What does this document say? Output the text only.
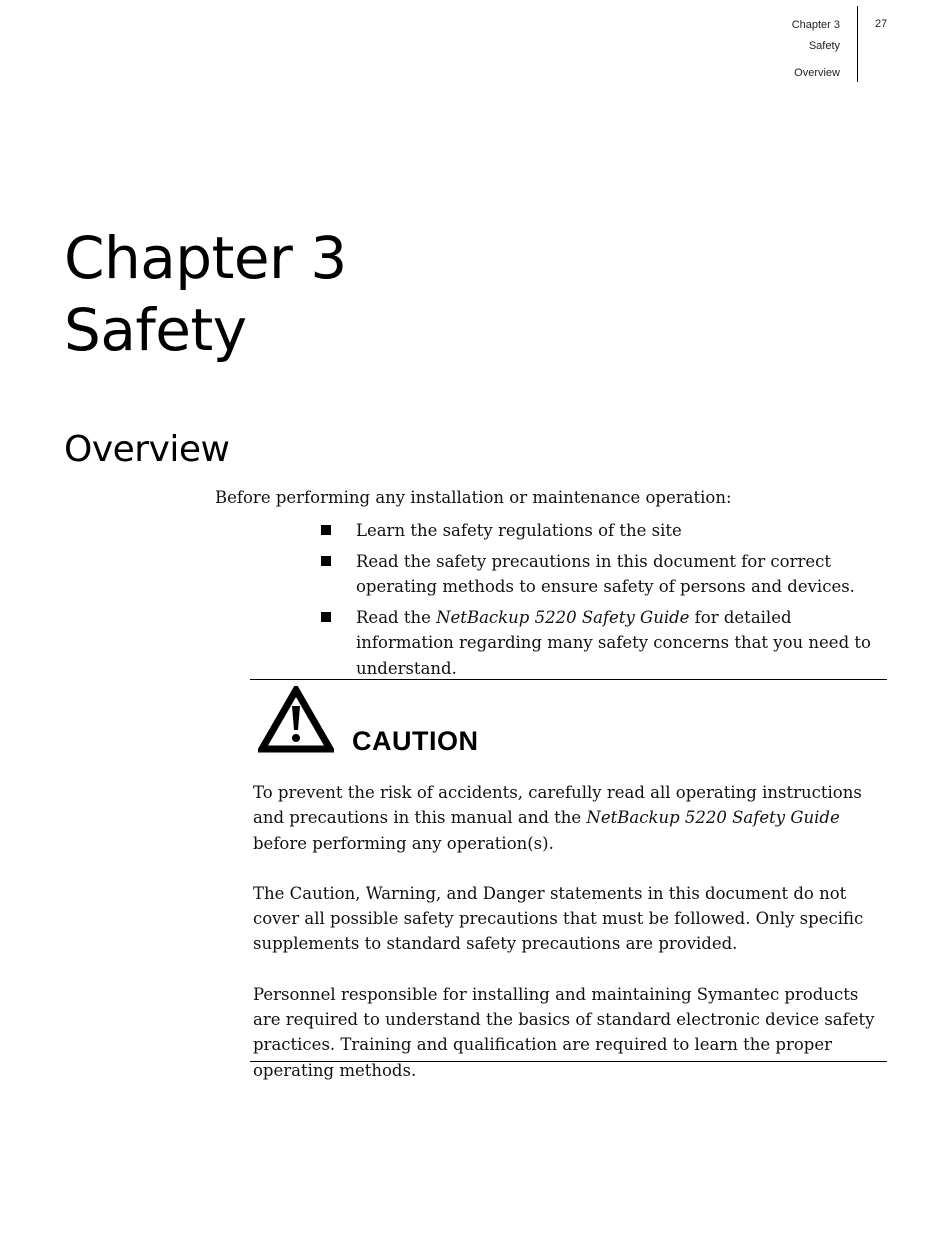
Chapter 3
Safety
Overview
27
Chapter 3
Safety
Overview

Before performing any installation or maintenance operation:

Learn the safety regulations of the site
Read the safety precautions in this document for correct operating methods to ensure safety of persons and devices.
Read the NetBackup 5220 Safety Guide for detailed information regarding many safety concerns that you need to understand.
CAUTION

To prevent the risk of accidents, carefully read all operating instructions and precautions in this manual and the NetBackup 5220 Safety Guide before performing any operation(s).

The Caution, Warning, and Danger statements in this document do not cover all possible safety precautions that must be followed. Only specific supplements to standard safety precautions are provided.

Personnel responsible for installing and maintaining Symantec products are required to understand the basics of standard electronic device safety practices. Training and qualification are required to learn the proper operating methods.
